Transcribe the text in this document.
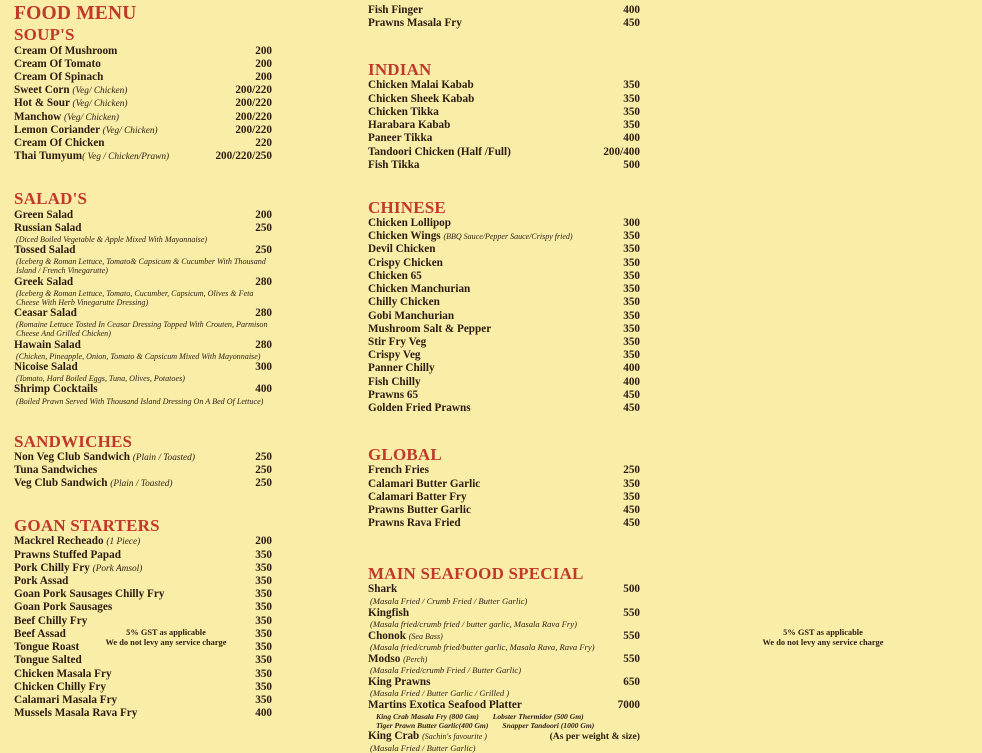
FOOD MENU
SOUP'S
Cream Of Mushroom	200
Cream Of Tomato	200
Cream Of Spinach	200
Sweet Corn (Veg/ Chicken)	200/220
Hot & Sour (Veg/ Chicken)	200/220
Manchow (Veg/ Chicken)	200/220
Lemon Coriander (Veg/ Chicken)	200/220
Cream Of Chicken	220
Thai Tumyum( Veg / Chicken/Prawn)	200/220/250
SALAD'S
Green Salad	200
Russian Salad	250
(Diced Boiled Vegetable & Apple Mixed With Mayonnaise)
Tossed Salad	250
(Iceberg & Roman Lettuce, Tomato& Capsicum & Cucumber With Thousand Island / French Vinegarutte)
Greek Salad	280
(Iceberg & Roman Lettuce, Tomato, Cucumber, Capsicum, Olives & Feta Cheese With Herb Vinegarutte Dressing)
Ceasar Salad	280
(Romaine Lettuce Tosted In Ceasar Dressing Topped With Crouten, Parmison Cheese And Grilled Chicken)
Hawain Salad	280
(Chicken, Pineapple, Onion, Tomato & Capsicum Mixed With Mayonnaise)
Nicoise Salad	300
(Tomato, Hard Boiled Eggs, Tuna, Olives, Potatoes)
Shrimp Cocktails	400
(Boiled Prawn Served With Thousand Island Dressing On A Bed Of Lettuce)
SANDWICHES
Non Veg Club Sandwich (Plain / Toasted)	250
Tuna Sandwiches	250
Veg Club Sandwich (Plain / Toasted)	250
GOAN STARTERS
Mackrel Recheado (1 Piece)	200
Prawns Stuffed Papad	350
Pork Chilly Fry (Pork Amsol)	350
Pork Assad	350
Goan Pork Sausages Chilly Fry	350
Goan Pork Sausages	350
Beef Chilly Fry	350
Beef Assad	350
Tongue Roast	350
Tongue Salted	350
Chicken Masala Fry	350
Chicken Chilly Fry	350
Calamari Masala Fry	350
Mussels Masala Rava Fry	400
5% GST as applicable
We do not levy any service charge
Fish Finger	400
Prawns Masala Fry	450
INDIAN
Chicken Malai Kabab	350
Chicken Sheek Kabab	350
Chicken Tikka	350
Harabara Kabab	350
Paneer Tikka	400
Tandoori Chicken (Half /Full)	200/400
Fish Tikka	500
CHINESE
Chicken Lollipop	300
Chicken Wings (BBQ Sauce/Pepper Sauce/Crispy fried)	350
Devil Chicken	350
Crispy Chicken	350
Chicken 65	350
Chicken Manchurian	350
Chilly Chicken	350
Gobi Manchurian	350
Mushroom Salt & Pepper	350
Stir Fry Veg	350
Crispy Veg	350
Panner Chilly	400
Fish Chilly	400
Prawns 65	450
Golden Fried Prawns	450
GLOBAL
French Fries	250
Calamari Butter Garlic	350
Calamari Batter Fry	350
Prawns Butter Garlic	450
Prawns Rava Fried	450
MAIN SEAFOOD SPECIAL
Shark	500
(Masala Fried / Crumb Fried / Butter Garlic)
Kingfish	550
(Masala fried/crumb fried / butter garlic, Masala Rava Fry)
Chonok (Sea Bass)	550
(Masala fried/crumb fried/butter garlic, Masala Rava, Rava Fry)
Modso (Perch)	550
(Masala Fried/crumb Fried / Butter Garlic)
King Prawns	650
(Masala Fried / Butter Garlic / Grilled )
Martins Exotica Seafood Platter	7000
King Crab Masala Fry (800 Gm) Lobster Thermidor (500 Gm)
Tiger Prawn Butter Garlic(400 Gm) Snapper Tandoori (1000 Gm)
King Crab (Sachin's favourite )	(As per weight & size)
(Masala Fried / Butter Garlic)
5% GST as applicable
We do not levy any service charge
